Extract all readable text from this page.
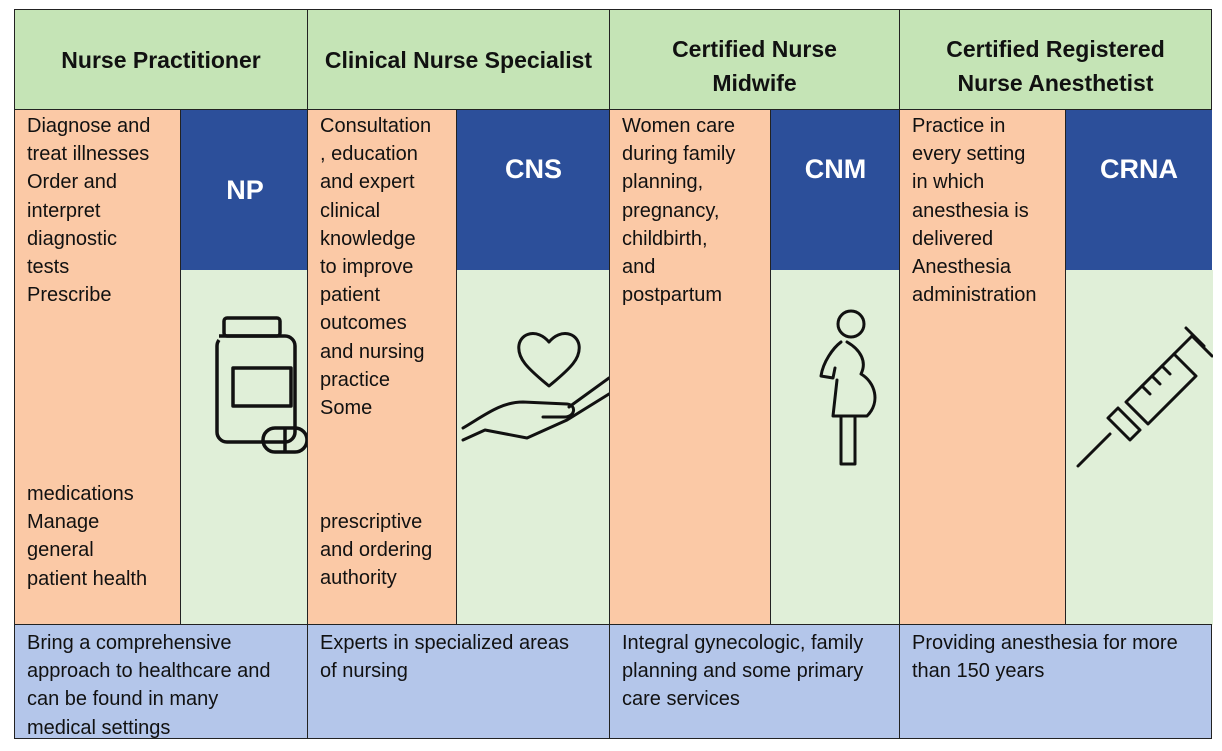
Nurse Practitioner
Diagnose and
treat illnesses
Order and
interpret
diagnostic
tests
Prescribe
medications
Manage
general
patient health
NP
Bring a comprehensive
approach to healthcare and
can be found in many
medical settings
Clinical Nurse Specialist
Consultation
, education
and expert
clinical
knowledge
to improve
patient
outcomes
and nursing
practice
Some
prescriptive
and ordering
authority
CNS
Experts in specialized areas
of nursing
Certified Nurse
Midwife
Women care
during family
planning,
pregnancy,
childbirth,
and
postpartum
CNM
Integral gynecologic, family
planning and some primary
care services
Certified Registered
Nurse Anesthetist
Practice in
every setting
in which
anesthesia is
delivered
Anesthesia
administration
CRNA
Providing anesthesia for more
than 150 years
